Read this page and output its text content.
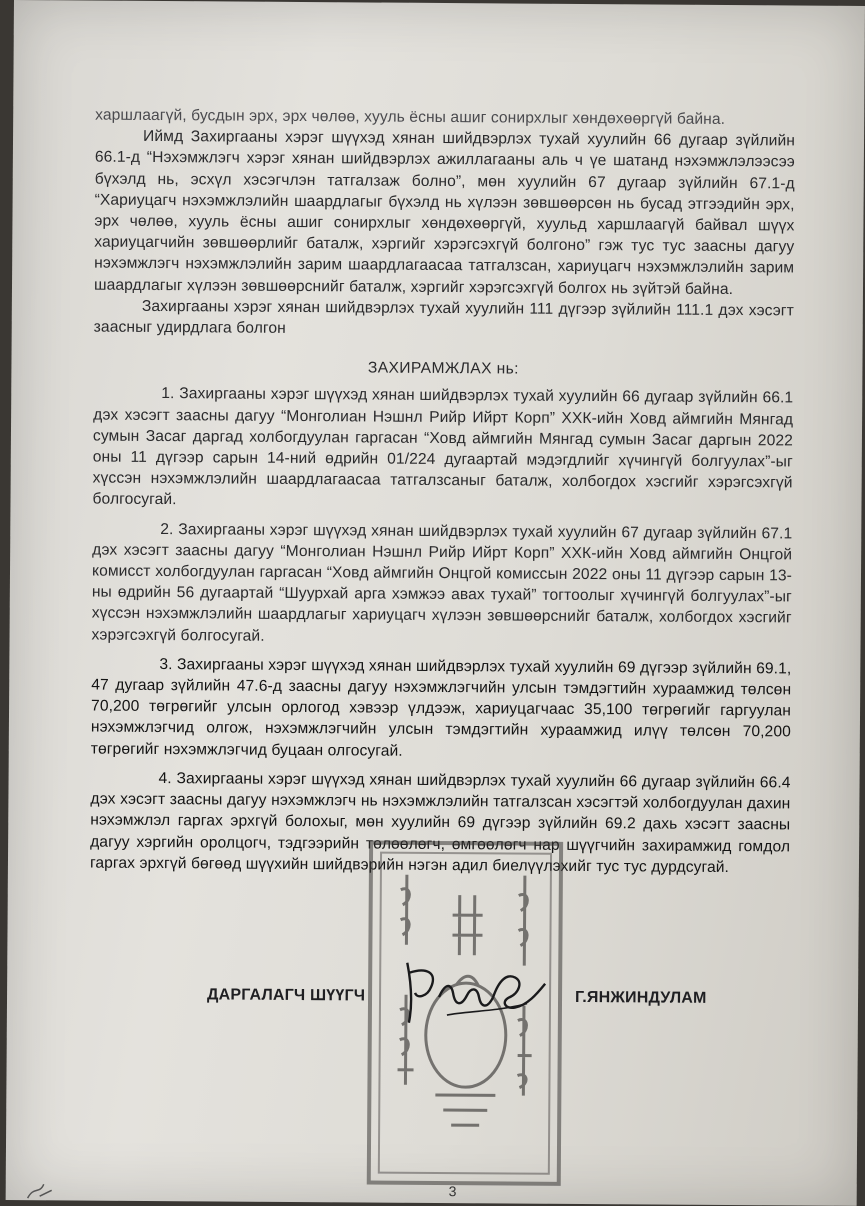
харшлаагүй, бусдын эрх, эрх чөлөө, хууль ёсны ашиг сонирхлыг хөндөхөөргүй байна.

Иймд Захиргааны хэрэг шүүхэд хянан шийдвэрлэх тухай хуулийн 66 дугаар зүйлийн 66.1-д “Нэхэмжлэгч хэрэг хянан шийдвэрлэх ажиллагааны аль ч үе шатанд нэхэмжлэлээсээ бүхэлд нь, эсхүл хэсэгчлэн татгалзаж болно”, мөн хуулийн 67 дугаар зүйлийн 67.1-д “Хариуцагч нэхэмжлэлийн шаардлагыг бүхэлд нь хүлээн зөвшөөрсөн нь бусад этгээдийн эрх, эрх чөлөө, хууль ёсны ашиг сонирхлыг хөндөхөөргүй, хуульд харшлаагүй байвал шүүх хариуцагчийн зөвшөөрлийг баталж, хэргийг хэрэгсэхгүй болгоно” гэж тус тус заасны дагуу нэхэмжлэгч нэхэмжлэлийн зарим шаардлагаасаа татгалзсан, хариуцагч нэхэмжлэлийн зарим шаардлагыг хүлээн зөвшөөрснийг баталж, хэргийг хэрэгсэхгүй болгох нь зүйтэй байна.

Захиргааны хэрэг хянан шийдвэрлэх тухай хуулийн 111 дүгээр зүйлийн 111.1 дэх хэсэгт заасныг удирдлага болгон

ЗАХИРАМЖЛАХ нь:

1. Захиргааны хэрэг шүүхэд хянан шийдвэрлэх тухай хуулийн 66 дугаар зүйлийн 66.1 дэх хэсэгт заасны дагуу “Монголиан Нэшнл Рийр Ийрт Корп” ХХК-ийн Ховд аймгийн Мянгад сумын Засаг даргад холбогдуулан гаргасан “Ховд аймгийн Мянгад сумын Засаг даргын 2022 оны 11 дүгээр сарын 14-ний өдрийн 01/224 дугаартай мэдэгдлийг хүчингүй болгуулах”-ыг хүссэн нэхэмжлэлийн шаардлагаасаа татгалзсаныг баталж, холбогдох хэсгийг хэрэгсэхгүй болгосугай.

2. Захиргааны хэрэг шүүхэд хянан шийдвэрлэх тухай хуулийн 67 дугаар зүйлийн 67.1 дэх хэсэгт заасны дагуу “Монголиан Нэшнл Рийр Ийрт Корп” ХХК-ийн Ховд аймгийн Онцгой комисст холбогдуулан гаргасан “Ховд аймгийн Онцгой комиссын 2022 оны 11 дүгээр сарын 13-ны өдрийн 56 дугаартай “Шуурхай арга хэмжээ авах тухай” тогтоолыг хүчингүй болгуулах”-ыг хүссэн нэхэмжлэлийн шаардлагыг хариуцагч хүлээн зөвшөөрснийг баталж, холбогдох хэсгийг хэрэгсэхгүй болгосугай.

3. Захиргааны хэрэг шүүхэд хянан шийдвэрлэх тухай хуулийн 69 дүгээр зүйлийн 69.1, 47 дугаар зүйлийн 47.6-д заасны дагуу нэхэмжлэгчийн улсын тэмдэгтийн хураамжид төлсөн 70,200 төгрөгийг улсын орлогод хэвээр үлдээж, хариуцагчаас 35,100 төгрөгийг гаргуулан нэхэмжлэгчид олгож, нэхэмжлэгчийн улсын тэмдэгтийн хураамжид илүү төлсөн 70,200 төгрөгийг нэхэмжлэгчид буцаан олгосугай.

4. Захиргааны хэрэг шүүхэд хянан шийдвэрлэх тухай хуулийн 66 дугаар зүйлийн 66.4 дэх хэсэгт заасны дагуу нэхэмжлэгч нь нэхэмжлэлийн татгалзсан хэсэгтэй холбогдуулан дахин нэхэмжлэл гаргах эрхгүй болохыг, мөн хуулийн 69 дүгээр зүйлийн 69.2 дахь хэсэгт заасны дагуу хэргийн оролцогч, тэдгээрийн төлөөлөгч, өмгөөлөгч нар шүүгчийн захирамжид гомдол гаргах эрхгүй бөгөөд шүүхийн шийдвэрийн нэгэн адил биелүүлэхийг тус тус дурдсугай.

ДАРГАЛАГЧ ШҮҮГЧ	Г.ЯНЖИНДУЛАМ
3
